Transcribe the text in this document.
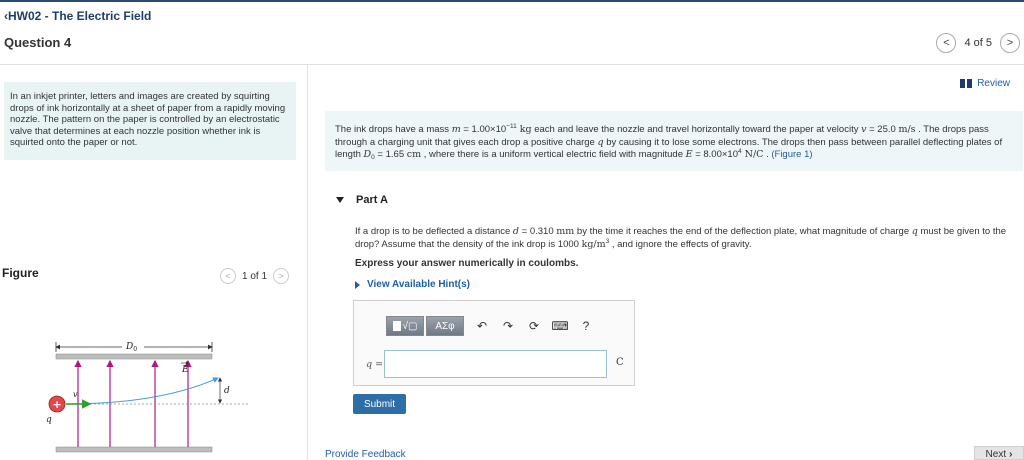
‹HW02 - The Electric Field
Question 4	< 4 of 5 >
In an inkjet printer, letters and images are created by squirting drops of ink horizontally at a sheet of paper from a rapidly moving nozzle. The pattern on the paper is controlled by an electrostatic valve that determines at each nozzle position whether ink is squirted onto the paper or not.
Figure	< 1 of 1 >
$D_0$
E
d
+
v
q
Review
The ink drops have a mass $m = 1.00\times 10^{-11}$ kg each and leave the nozzle and travel horizontally toward the paper at velocity v = 25.0 m/s . The drops pass through a charging unit that gives each drop a positive charge q by causing it to lose some electrons. The drops then pass between parallel deflecting plates of length $D_0 = 1.65$ cm , where there is a uniform vertical electric field with magnitude $E = 8.00\times 10^4$ N/C . (Figure 1)
Part A
If a drop is to be deflected a distance d = 0.310 mm by the time it reaches the end of the deflection plate, what magnitude of charge q must be given to the drop? Assume that the density of the ink drop is 1000 $kg/m^3$ , and ignore the effects of gravity.
Express your answer numerically in coulombs.
View Available Hint(s)
√▢	ΑΣφ	↶	↷	⟳	⌨	?
q =	C
Submit
Provide Feedback	Next ›
